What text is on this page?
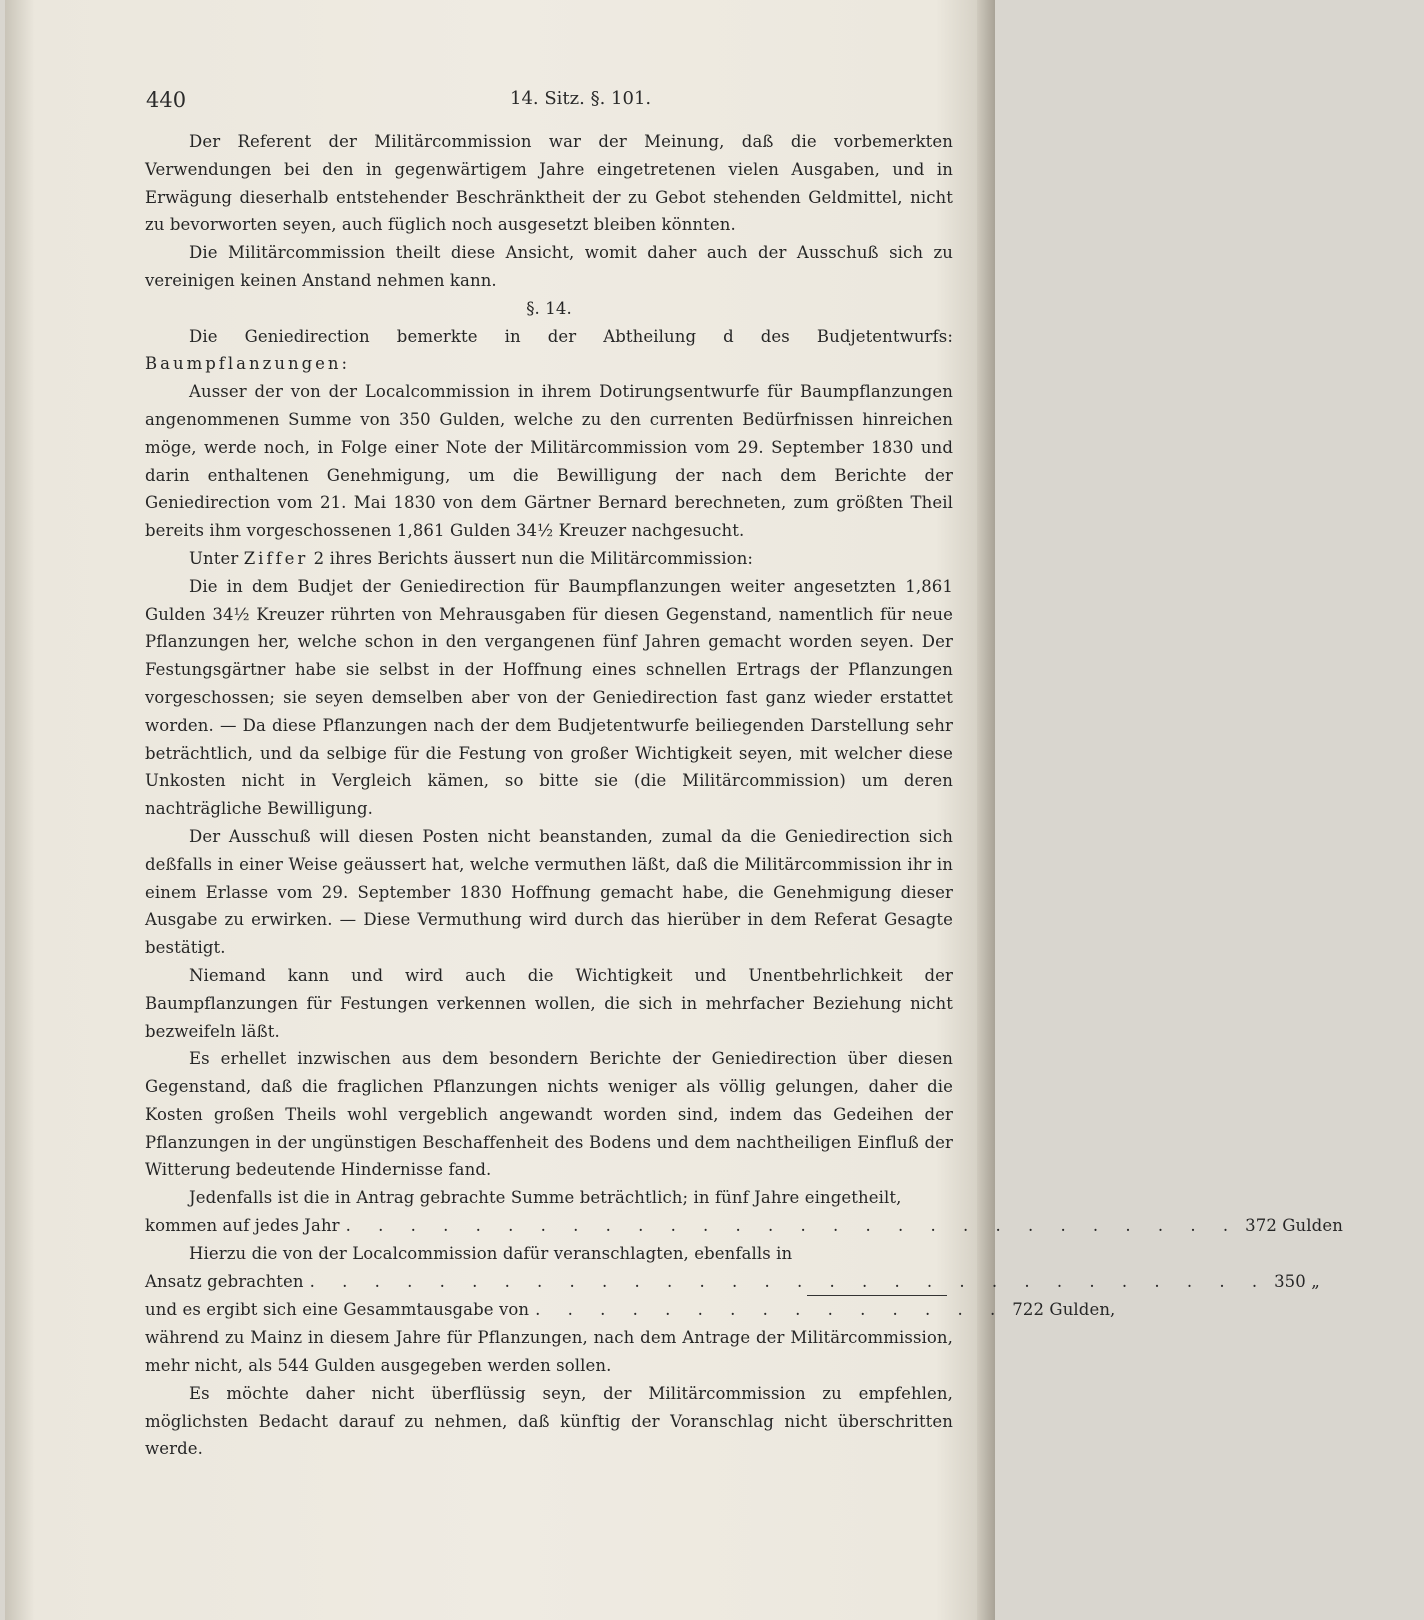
440	14. Sitz. §. 101.

Der Referent der Militärcommission war der Meinung, daß die vorbemerkten Verwendungen bei den in gegenwärtigem Jahre eingetretenen vielen Ausgaben, und in Erwägung dieserhalb entstehender Beschränktheit der zu Gebot stehenden Geldmittel, nicht zu bevorworten seyen, auch füglich noch ausgesetzt bleiben könnten.

Die Militärcommission theilt diese Ansicht, womit daher auch der Ausschuß sich zu vereinigen keinen Anstand nehmen kann.

§. 14.

Die Geniedirection bemerkte in der Abtheilung d des Budjetentwurfs: Baumpflanzungen:

Ausser der von der Localcommission in ihrem Dotirungsentwurfe für Baumpflanzungen angenommenen Summe von 350 Gulden, welche zu den currenten Bedürfnissen hinreichen möge, werde noch, in Folge einer Note der Militärcommission vom 29. September 1830 und darin enthaltenen Genehmigung, um die Bewilligung der nach dem Berichte der Geniedirection vom 21. Mai 1830 von dem Gärtner Bernard berechneten, zum größten Theil bereits ihm vorgeschossenen 1,861 Gulden 34½ Kreuzer nachgesucht.

Unter Ziffer 2 ihres Berichts äussert nun die Militärcommission:

Die in dem Budjet der Geniedirection für Baumpflanzungen weiter angesetzten 1,861 Gulden 34½ Kreuzer rührten von Mehrausgaben für diesen Gegenstand, namentlich für neue Pflanzungen her, welche schon in den vergangenen fünf Jahren gemacht worden seyen. Der Festungsgärtner habe sie selbst in der Hoffnung eines schnellen Ertrags der Pflanzungen vorgeschossen; sie seyen demselben aber von der Geniedirection fast ganz wieder erstattet worden. — Da diese Pflanzungen nach der dem Budjetentwurfe beiliegenden Darstellung sehr beträchtlich, und da selbige für die Festung von großer Wichtigkeit seyen, mit welcher diese Unkosten nicht in Vergleich kämen, so bitte sie (die Militärcommission) um deren nachträgliche Bewilligung.

Der Ausschuß will diesen Posten nicht beanstanden, zumal da die Geniedirection sich deßfalls in einer Weise geäussert hat, welche vermuthen läßt, daß die Militärcommission ihr in einem Erlasse vom 29. September 1830 Hoffnung gemacht habe, die Genehmigung dieser Ausgabe zu erwirken. — Diese Vermuthung wird durch das hierüber in dem Referat Gesagte bestätigt.

Niemand kann und wird auch die Wichtigkeit und Unentbehrlichkeit der Baumpflanzungen für Festungen verkennen wollen, die sich in mehrfacher Beziehung nicht bezweifeln läßt.

Es erhellet inzwischen aus dem besondern Berichte der Geniedirection über diesen Gegenstand, daß die fraglichen Pflanzungen nichts weniger als völlig gelungen, daher die Kosten großen Theils wohl vergeblich angewandt worden sind, indem das Gedeihen der Pflanzungen in der ungünstigen Beschaffenheit des Bodens und dem nachtheiligen Einfluß der Witterung bedeutende Hindernisse fand.

Jedenfalls ist die in Antrag gebrachte Summe beträchtlich; in fünf Jahre eingetheilt,

kommen auf jedes Jahr . . . . . . . . . . . . . . . . . . . . . . . . . . . . 372 Gulden

Hierzu die von der Localcommission dafür veranschlagten, ebenfalls in

Ansatz gebrachten . . . . . . . . . . . . . . . . . . . . . . . . . . . . . . 350 „
und es ergibt sich eine Gesammtausgabe von . . . . . . . . . . . . . . . 722 Gulden,

während zu Mainz in diesem Jahre für Pflanzungen, nach dem Antrage der Militärcommission, mehr nicht, als 544 Gulden ausgegeben werden sollen.

Es möchte daher nicht überflüssig seyn, der Militärcommission zu empfehlen, möglichsten Bedacht darauf zu nehmen, daß künftig der Voranschlag nicht überschritten werde.
